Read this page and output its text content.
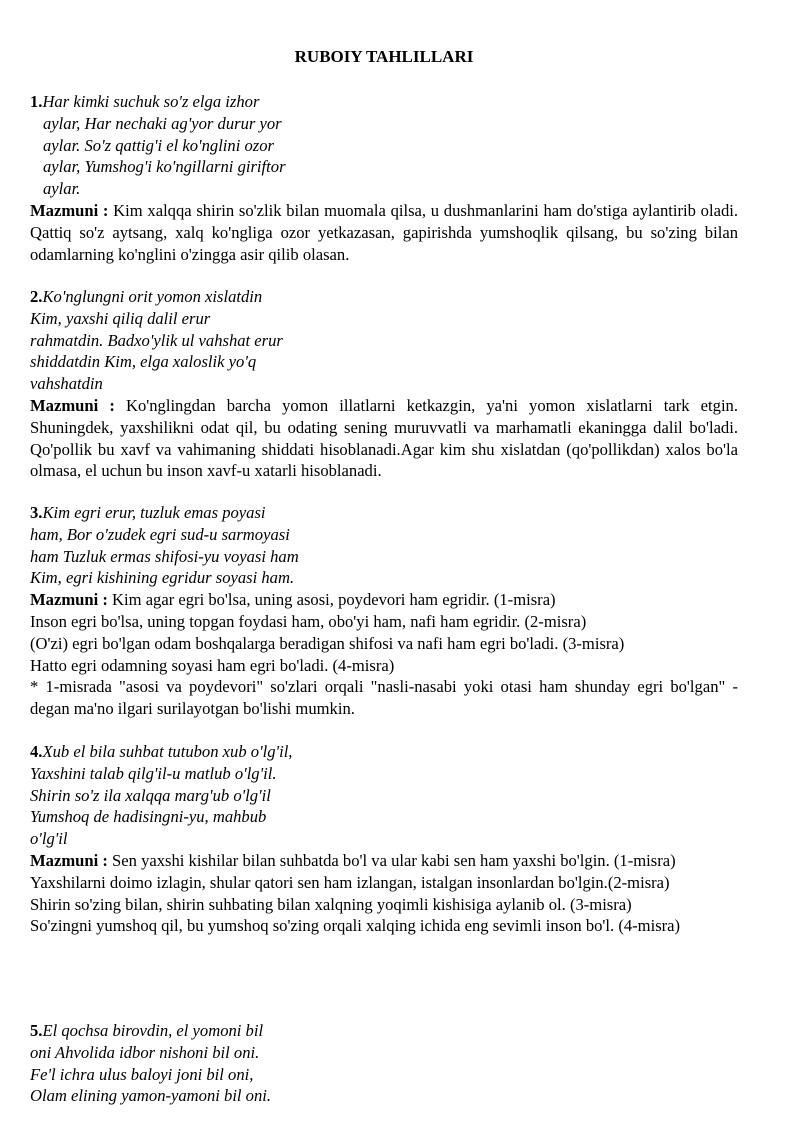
RUBOIY TAHLILLARI
1.Har kimki suchuk so'z elga izhor
aylar, Har nechaki ag'yor durur yor
aylar. So'z qattig'i el ko'nglini ozor
aylar, Yumshog'i ko'ngillarni giriftor
aylar.
Mazmuni : Kim xalqqa shirin so'zlik bilan muomala qilsa, u dushmanlarini ham do'stiga aylantirib oladi. Qattiq so'z aytsang, xalq ko'ngliga ozor yetkazasan, gapirishda yumshoqlik qilsang, bu so'zing bilan odamlarning ko'nglini o'zingga asir qilib olasan.
2.Ko'nglungni orit yomon xislatdin
Kim, yaxshi qiliq dalil erur
rahmatdin. Badxo'ylik ul vahshat erur
shiddatdin Kim, elga xaloslik yo'q
vahshatdin
Mazmuni : Ko'nglingdan barcha yomon illatlarni ketkazgin, ya'ni yomon xislatlarni tark etgin. Shuningdek, yaxshilikni odat qil, bu odating sening muruvvatli va marhamatli ekaningga dalil bo'ladi. Qo'pollik bu xavf va vahimaning shiddati hisoblanadi.Agar kim shu xislatdan (qo'pollikdan) xalos bo'la olmasa, el uchun bu inson xavf-u xatarli hisoblanadi.
3.Kim egri erur, tuzluk emas poyasi
ham, Bor o'zudek egri sud-u sarmoyasi
ham Tuzluk ermas shifosi-yu voyasi ham
Kim, egri kishining egridur soyasi ham.
Mazmuni : Kim agar egri bo'lsa, uning asosi, poydevori ham egridir. (1-misra)
Inson egri bo'lsa, uning topgan foydasi ham, obo'yi ham, nafi ham egridir. (2-misra)
(O'zi) egri bo'lgan odam boshqalarga beradigan shifosi va nafi ham egri bo'ladi. (3-misra)
Hatto egri odamning soyasi ham egri bo'ladi. (4-misra)
* 1-misrada "asosi va poydevori" so'zlari orqali "nasli-nasabi yoki otasi ham shunday egri bo'lgan" - degan ma'no ilgari surilayotgan bo'lishi mumkin.
4.Xub el bila suhbat tutubon xub o'lg'il,
Yaxshini talab qilg'il-u matlub o'lg'il.
Shirin so'z ila xalqqa marg'ub o'lg'il
Yumshoq de hadisingni-yu, mahbub
o'lg'il
Mazmuni : Sen yaxshi kishilar bilan suhbatda bo'l va ular kabi sen ham yaxshi bo'lgin. (1-misra)
Yaxshilarni doimo izlagin, shular qatori sen ham izlangan, istalgan insonlardan bo'lgin.(2-misra)
Shirin so'zing bilan, shirin suhbating bilan xalqning yoqimli kishisiga aylanib ol. (3-misra)
So'zingni yumshoq qil, bu yumshoq so'zing orqali xalqing ichida eng sevimli inson bo'l. (4-misra)
5.El qochsa birovdin, el yomoni bil
oni Ahvolida idbor nishoni bil oni.
Fe'l ichra ulus baloyi joni bil oni,
Olam elining yamon-yamoni bil oni.
